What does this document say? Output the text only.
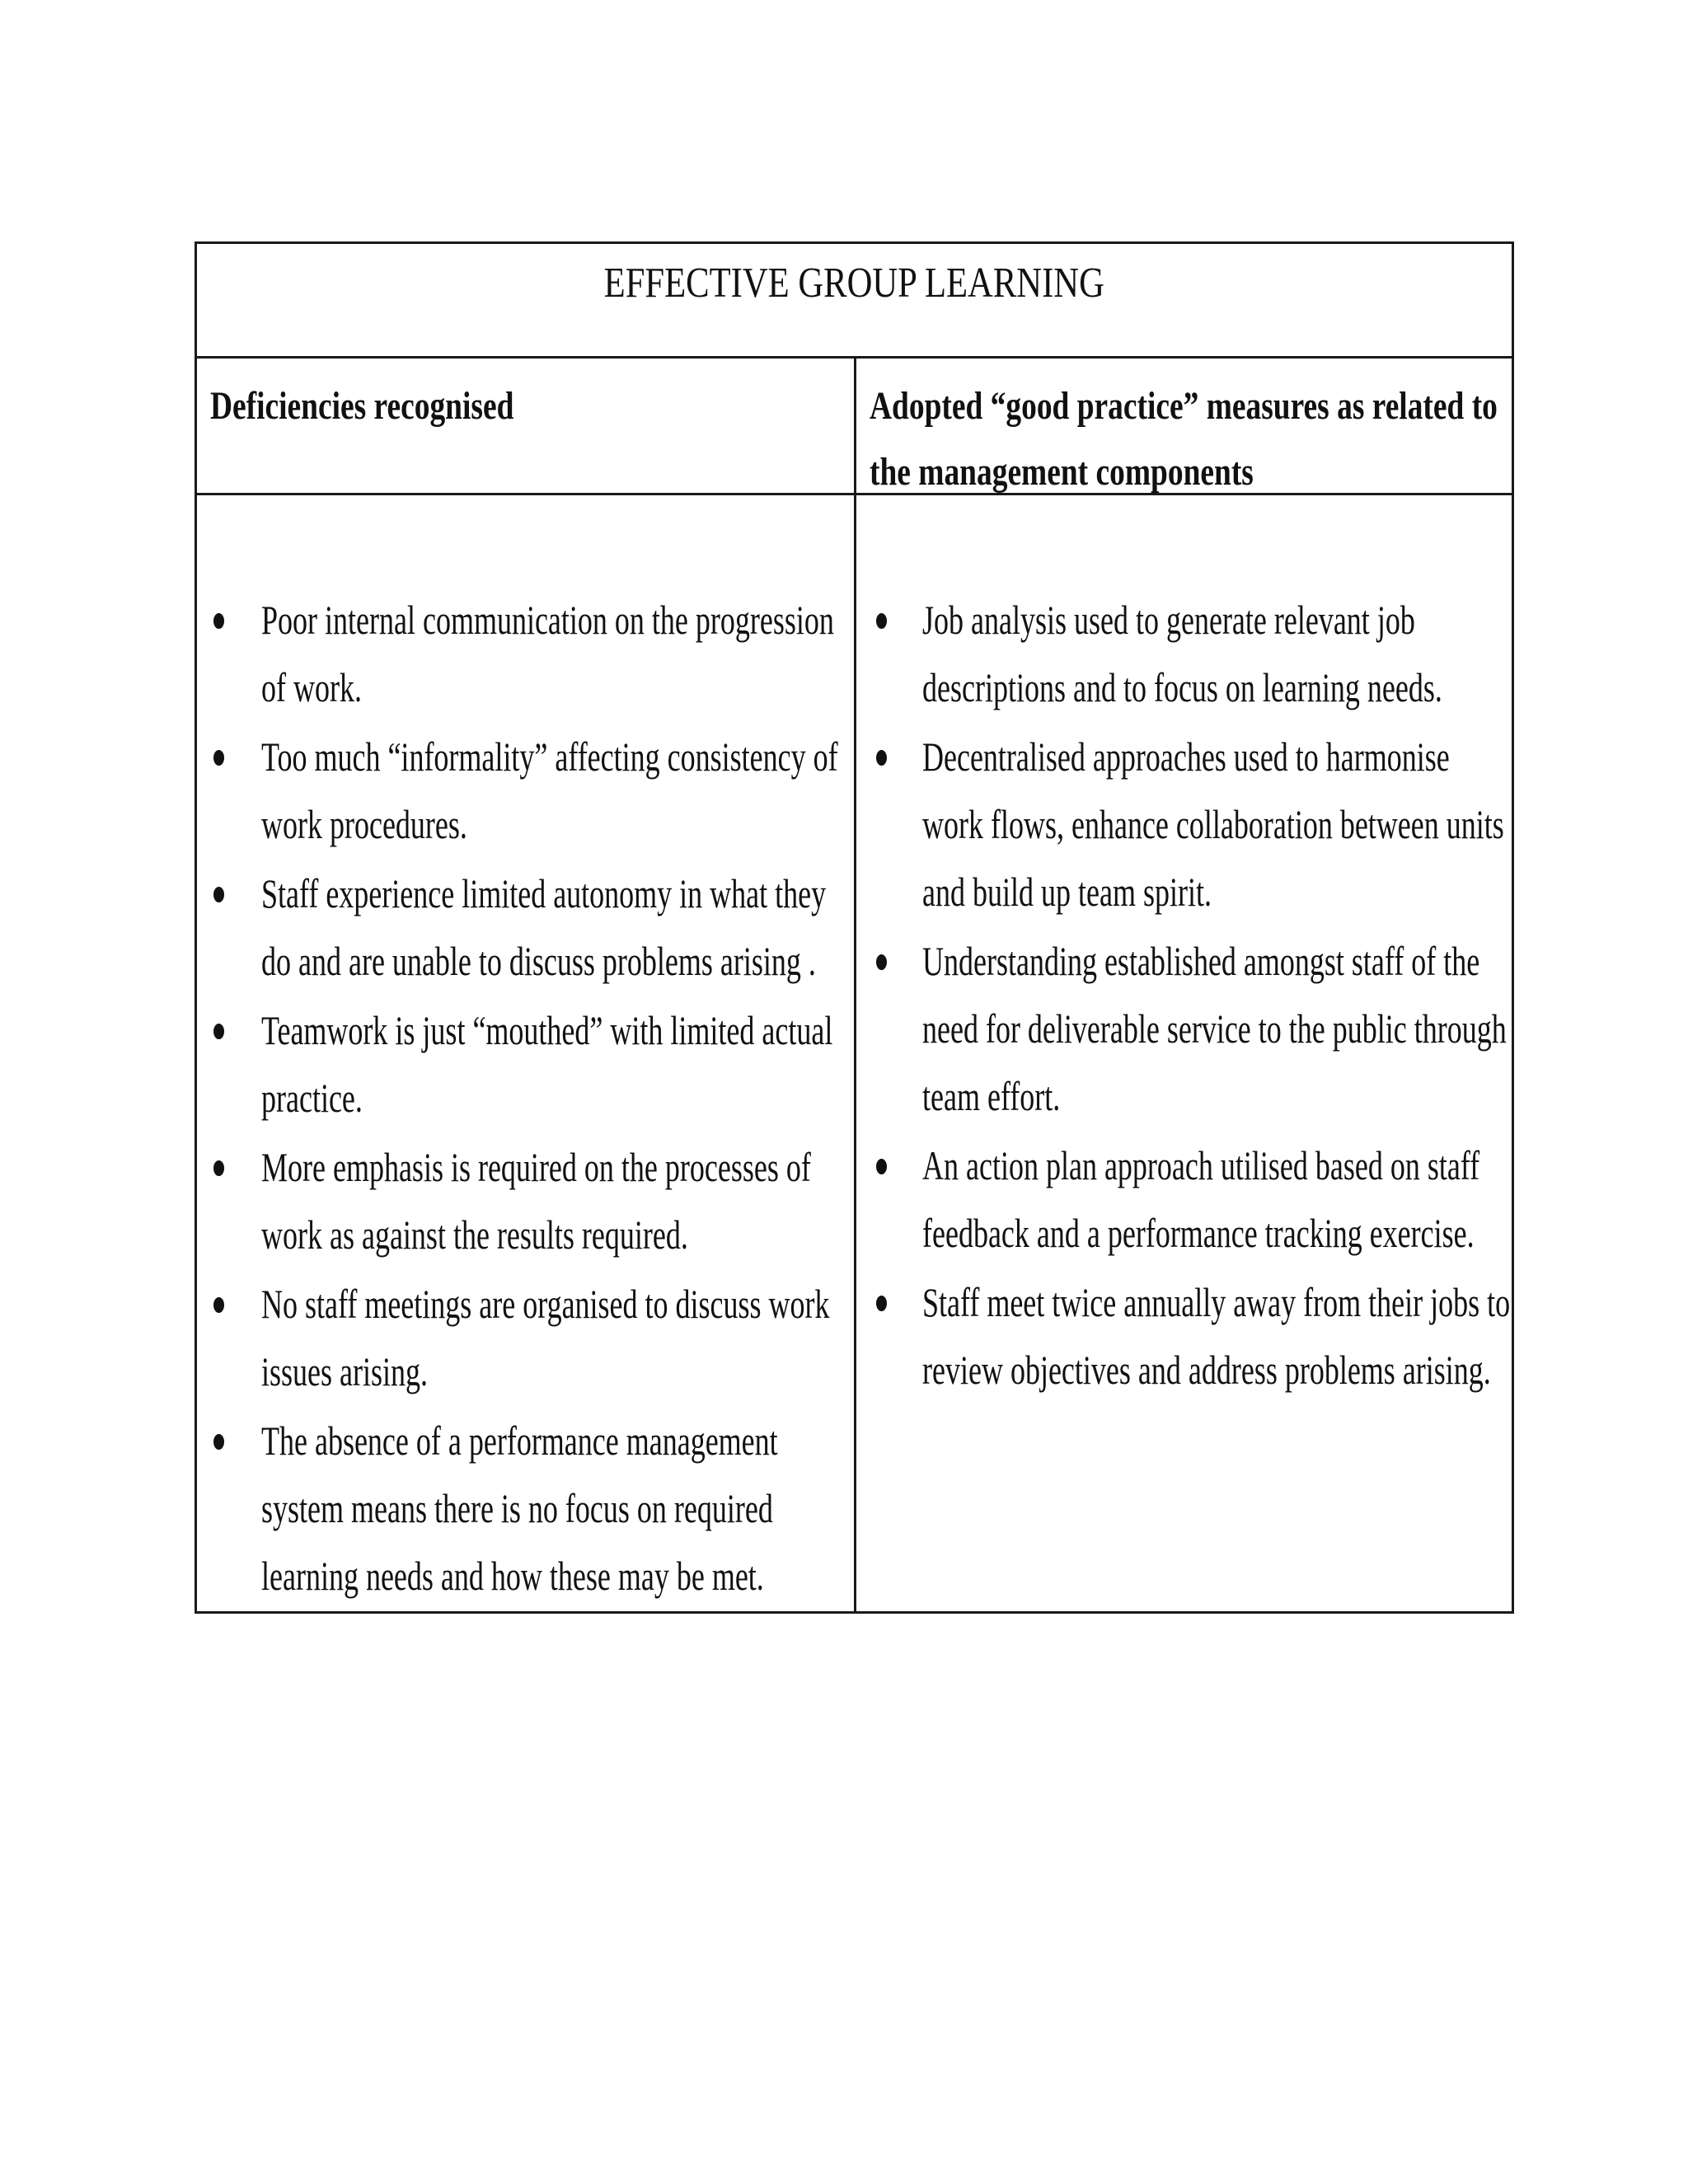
EFFECTIVE GROUP LEARNING
Deficiencies recognised	Adopted “good practice” measures as related to the management components
Poor internal communication on the progression of work.
Too much “informality” affecting consistency of work procedures.
Staff experience limited autonomy in what they do and are unable to discuss problems arising .
Teamwork is just “mouthed” with limited actual practice.
More emphasis is required on the processes of work as against the results required.
No staff meetings are organised to discuss work issues arising.
The absence of a performance management system means there is no focus on required learning needs and how these may be met.
Job analysis used to generate relevant job descriptions and to focus on learning needs.
Decentralised approaches used to harmonise work flows, enhance collaboration between units and build up team spirit.
Understanding established amongst staff of the need for deliverable service to the public through team effort.
An action plan approach utilised based on staff feedback and a performance tracking exercise.
Staff meet twice annually away from their jobs to review objectives and address problems arising.
